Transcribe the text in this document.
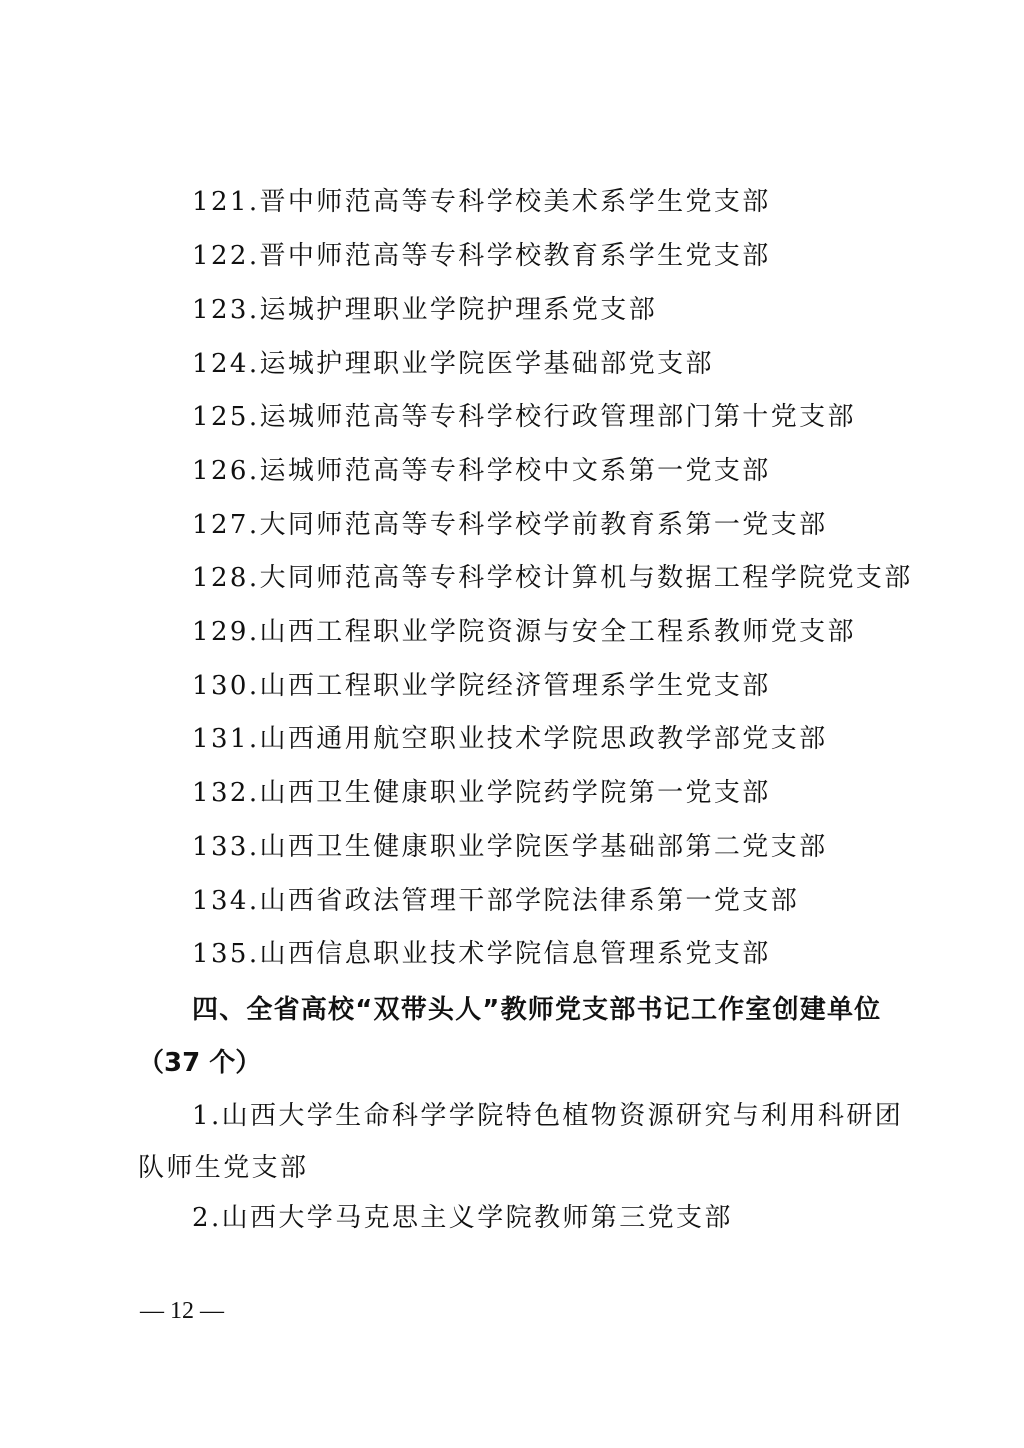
121.晋中师范高等专科学校美术系学生党支部
122.晋中师范高等专科学校教育系学生党支部
123.运城护理职业学院护理系党支部
124.运城护理职业学院医学基础部党支部
125.运城师范高等专科学校行政管理部门第十党支部
126.运城师范高等专科学校中文系第一党支部
127.大同师范高等专科学校学前教育系第一党支部
128.大同师范高等专科学校计算机与数据工程学院党支部
129.山西工程职业学院资源与安全工程系教师党支部
130.山西工程职业学院经济管理系学生党支部
131.山西通用航空职业技术学院思政教学部党支部
132.山西卫生健康职业学院药学院第一党支部
133.山西卫生健康职业学院医学基础部第二党支部
134.山西省政法管理干部学院法律系第一党支部
135.山西信息职业技术学院信息管理系党支部
四、全省高校“双带头人”教师党支部书记工作室创建单位
（37 个）
1.山西大学生命科学学院特色植物资源研究与利用科研团
队师生党支部
2.山西大学马克思主义学院教师第三党支部
— 12 —
